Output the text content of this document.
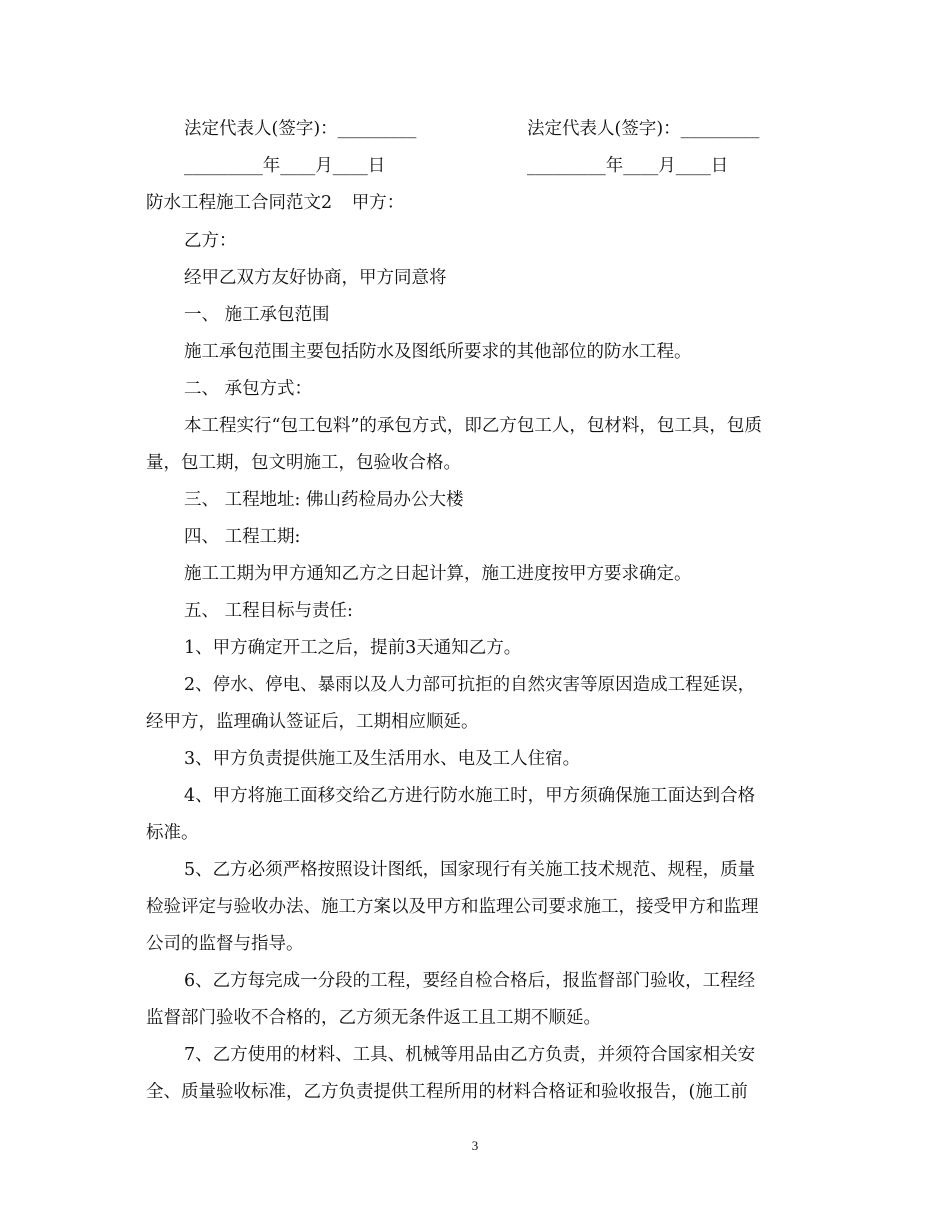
法定代表人(签字)：_________	法定代表人(签字)：_________
_________年____月____日	_________年____月____日
防水工程施工合同范文2 甲方：
乙方：
经甲乙双方友好协商，甲方同意将
一、 施工承包范围
施工承包范围主要包括防水及图纸所要求的其他部位的防水工程。
二、 承包方式：
本工程实行“包工包料”的承包方式，即乙方包工人，包材料，包工具，包质
量，包工期，包文明施工，包验收合格。
三、 工程地址: 佛山药检局办公大楼
四、 工程工期:
施工工期为甲方通知乙方之日起计算，施工进度按甲方要求确定。
五、 工程目标与责任:
1、甲方确定开工之后，提前3天通知乙方。
2、停水、停电、暴雨以及人力部可抗拒的自然灾害等原因造成工程延误，
经甲方，监理确认签证后，工期相应顺延。
3、甲方负责提供施工及生活用水、电及工人住宿。
4、甲方将施工面移交给乙方进行防水施工时，甲方须确保施工面达到合格
标准。
5、乙方必须严格按照设计图纸，国家现行有关施工技术规范、规程，质量
检验评定与验收办法、施工方案以及甲方和监理公司要求施工，接受甲方和监理
公司的监督与指导。
6、乙方每完成一分段的工程，要经自检合格后，报监督部门验收，工程经
监督部门验收不合格的，乙方须无条件返工且工期不顺延。
7、乙方使用的材料、工具、机械等用品由乙方负责，并须符合国家相关安
全、质量验收标准，乙方负责提供工程所用的材料合格证和验收报告，(施工前
3
